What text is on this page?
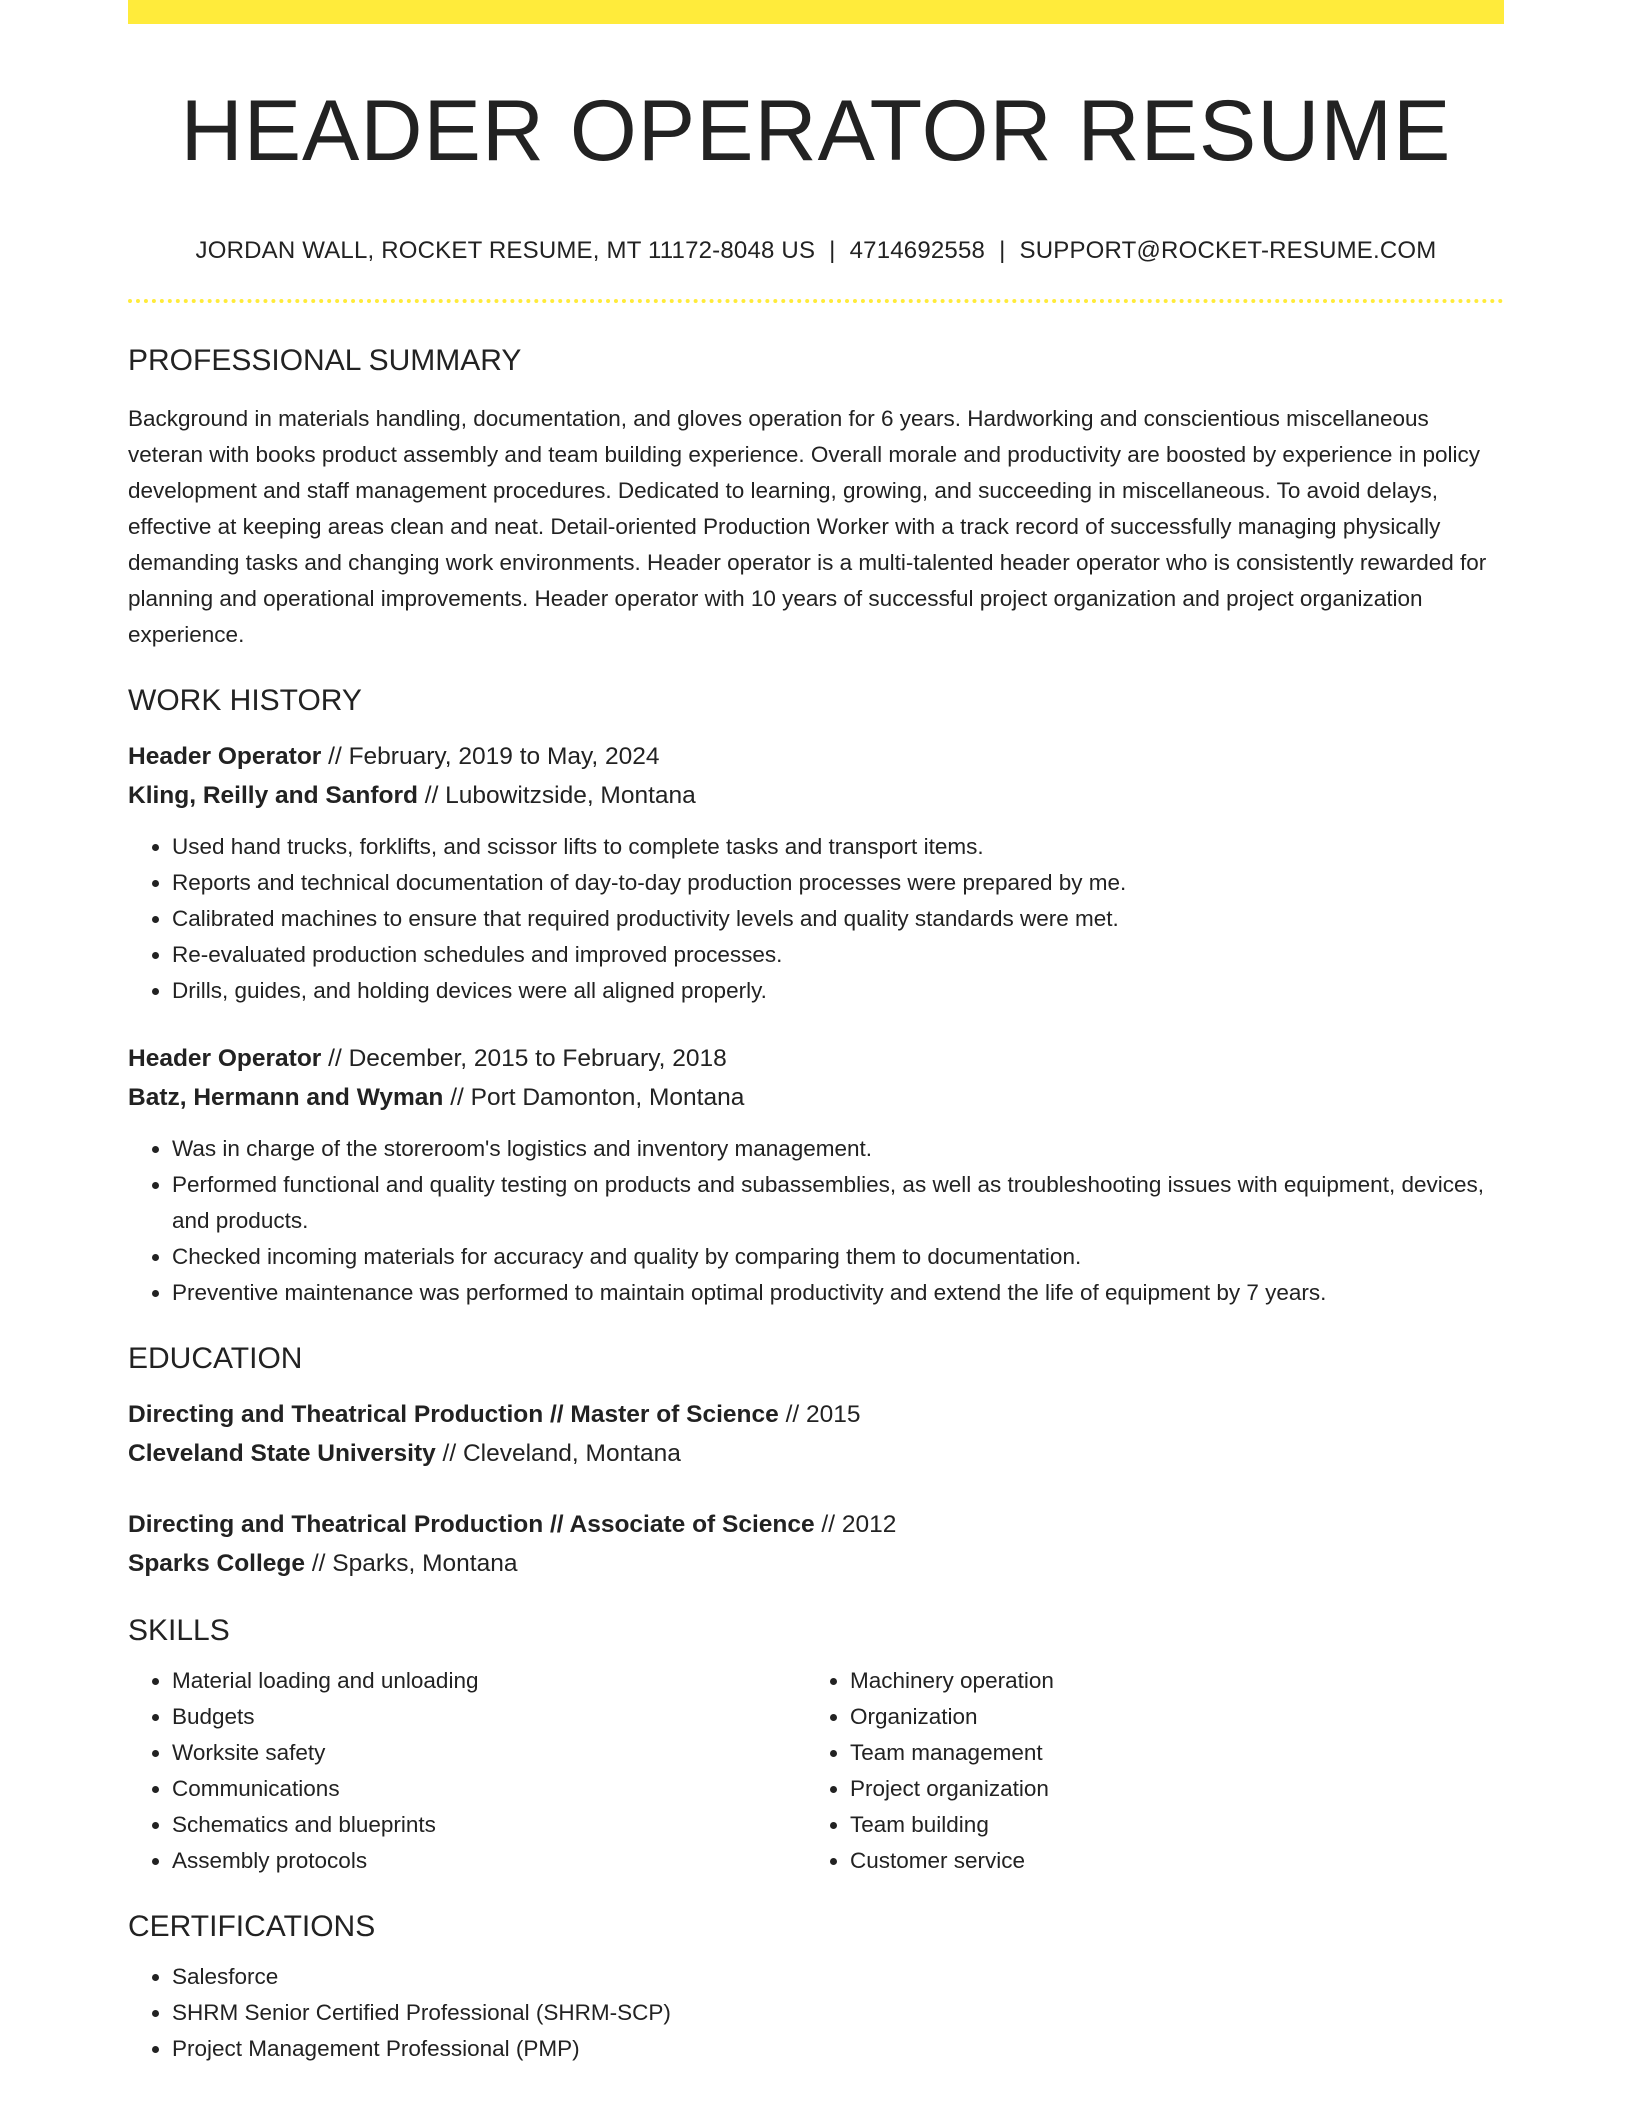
HEADER OPERATOR RESUME
JORDAN WALL, ROCKET RESUME, MT 11172-8048 US | 4714692558 | SUPPORT@ROCKET-RESUME.COM
PROFESSIONAL SUMMARY
Background in materials handling, documentation, and gloves operation for 6 years. Hardworking and conscientious miscellaneous veteran with books product assembly and team building experience. Overall morale and productivity are boosted by experience in policy development and staff management procedures. Dedicated to learning, growing, and succeeding in miscellaneous. To avoid delays, effective at keeping areas clean and neat. Detail-oriented Production Worker with a track record of successfully managing physically demanding tasks and changing work environments. Header operator is a multi-talented header operator who is consistently rewarded for planning and operational improvements. Header operator with 10 years of successful project organization and project organization experience.
WORK HISTORY
Header Operator // February, 2019 to May, 2024
Kling, Reilly and Sanford // Lubowitzside, Montana
• Used hand trucks, forklifts, and scissor lifts to complete tasks and transport items.
• Reports and technical documentation of day-to-day production processes were prepared by me.
• Calibrated machines to ensure that required productivity levels and quality standards were met.
• Re-evaluated production schedules and improved processes.
• Drills, guides, and holding devices were all aligned properly.
Header Operator // December, 2015 to February, 2018
Batz, Hermann and Wyman // Port Damonton, Montana
• Was in charge of the storeroom's logistics and inventory management.
• Performed functional and quality testing on products and subassemblies, as well as troubleshooting issues with equipment, devices, and products.
• Checked incoming materials for accuracy and quality by comparing them to documentation.
• Preventive maintenance was performed to maintain optimal productivity and extend the life of equipment by 7 years.
EDUCATION
Directing and Theatrical Production // Master of Science // 2015
Cleveland State University // Cleveland, Montana
Directing and Theatrical Production // Associate of Science // 2012
Sparks College // Sparks, Montana
SKILLS
• Material loading and unloading
• Budgets
• Worksite safety
• Communications
• Schematics and blueprints
• Assembly protocols
• Machinery operation
• Organization
• Team management
• Project organization
• Team building
• Customer service
CERTIFICATIONS
• Salesforce
• SHRM Senior Certified Professional (SHRM-SCP)
• Project Management Professional (PMP)
